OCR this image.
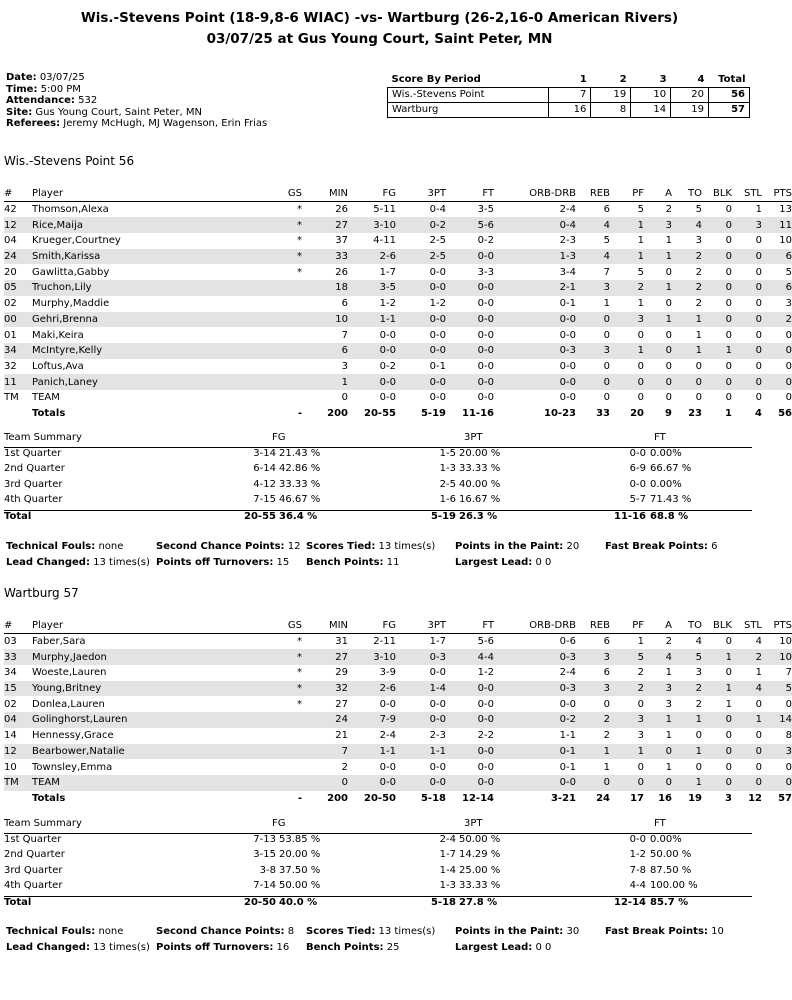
Wis.-Stevens Point (18-9,8-6 WIAC) -vs- Wartburg (26-2,16-0 American Rivers)
03/07/25 at Gus Young Court, Saint Peter, MN
Date: 03/07/25
Time: 5:00 PM
Attendance: 532
Site: Gus Young Court, Saint Peter, MN
Referees: Jeremy McHugh, MJ Wagenson, Erin Frias
Score By Period	1	2	3	4	Total
Wis.-Stevens Point	7	19	10	20	56
Wartburg	16	8	14	19	57
Wis.-Stevens Point 56
#	Player	GS	MIN	FG	3PT	FT	ORB-DRB	REB	PF	A	TO	BLK	STL	PTS
42	Thomson,Alexa	*	26	5-11	0-4	3-5	2-4	6	5	2	5	0	1	13
12	Rice,Maija	*	27	3-10	0-2	5-6	0-4	4	1	3	4	0	3	11
04	Krueger,Courtney	*	37	4-11	2-5	0-2	2-3	5	1	1	3	0	0	10
24	Smith,Karissa	*	33	2-6	2-5	0-0	1-3	4	1	1	2	0	0	6
20	Gawlitta,Gabby	*	26	1-7	0-0	3-3	3-4	7	5	0	2	0	0	5
05	Truchon,Lily		18	3-5	0-0	0-0	2-1	3	2	1	2	0	0	6
02	Murphy,Maddie		6	1-2	1-2	0-0	0-1	1	1	0	2	0	0	3
00	Gehri,Brenna		10	1-1	0-0	0-0	0-0	0	3	1	1	0	0	2
01	Maki,Keira		7	0-0	0-0	0-0	0-0	0	0	0	1	0	0	0
34	McIntyre,Kelly		6	0-0	0-0	0-0	0-3	3	1	0	1	1	0	0
32	Loftus,Ava		3	0-2	0-1	0-0	0-0	0	0	0	0	0	0	0
11	Panich,Laney		1	0-0	0-0	0-0	0-0	0	0	0	0	0	0	0
TM	TEAM		0	0-0	0-0	0-0	0-0	0	0	0	0	0	0	0
	Totals	-	200	20-55	5-19	11-16	10-23	33	20	9	23	1	4	56
Team Summary	FG	3PT	FT
1st Quarter	3-14 21.43 %	1-5 20.00 %	0-0 0.00%
2nd Quarter	6-14 42.86 %	1-3 33.33 %	6-9 66.67 %
3rd Quarter	4-12 33.33 %	2-5 40.00 %	0-0 0.00%
4th Quarter	7-15 46.67 %	1-6 16.67 %	5-7 71.43 %
Total	20-55 36.4 %	5-19 26.3 %	11-16 68.8 %
Technical Fouls: none	Second Chance Points: 12 Scores Tied: 13 times(s) Points in the Paint: 20	Fast Break Points: 6
Lead Changed: 13 times(s) Points off Turnovers: 15 Bench Points: 11	Largest Lead: 0 0
Wartburg 57
#	Player	GS	MIN	FG	3PT	FT	ORB-DRB	REB	PF	A	TO	BLK	STL	PTS
03	Faber,Sara	*	31	2-11	1-7	5-6	0-6	6	1	2	4	0	4	10
33	Murphy,Jaedon	*	27	3-10	0-3	4-4	0-3	3	5	4	5	1	2	10
34	Woeste,Lauren	*	29	3-9	0-0	1-2	2-4	6	2	1	3	0	1	7
15	Young,Britney	*	32	2-6	1-4	0-0	0-3	3	2	3	2	1	4	5
02	Donlea,Lauren	*	27	0-0	0-0	0-0	0-0	0	0	3	2	1	0	0
04	Golinghorst,Lauren		24	7-9	0-0	0-0	0-2	2	3	1	1	0	1	14
14	Hennessy,Grace		21	2-4	2-3	2-2	1-1	2	3	1	0	0	0	8
12	Bearbower,Natalie		7	1-1	1-1	0-0	0-1	1	1	0	1	0	0	3
10	Townsley,Emma		2	0-0	0-0	0-0	0-1	1	0	1	0	0	0	0
TM	TEAM		0	0-0	0-0	0-0	0-0	0	0	0	1	0	0	0
	Totals	-	200	20-50	5-18	12-14	3-21	24	17	16	19	3	12	57
Team Summary	FG	3PT	FT
1st Quarter	7-13 53.85 %	2-4 50.00 %	0-0 0.00%
2nd Quarter	3-15 20.00 %	1-7 14.29 %	1-2 50.00 %
3rd Quarter	3-8 37.50 %	1-4 25.00 %	7-8 87.50 %
4th Quarter	7-14 50.00 %	1-3 33.33 %	4-4 100.00 %
Total	20-50 40.0 %	5-18 27.8 %	12-14 85.7 %
Technical Fouls: none	Second Chance Points: 8 Scores Tied: 13 times(s) Points in the Paint: 30	Fast Break Points: 10
Lead Changed: 13 times(s) Points off Turnovers: 16 Bench Points: 25	Largest Lead: 0 0
